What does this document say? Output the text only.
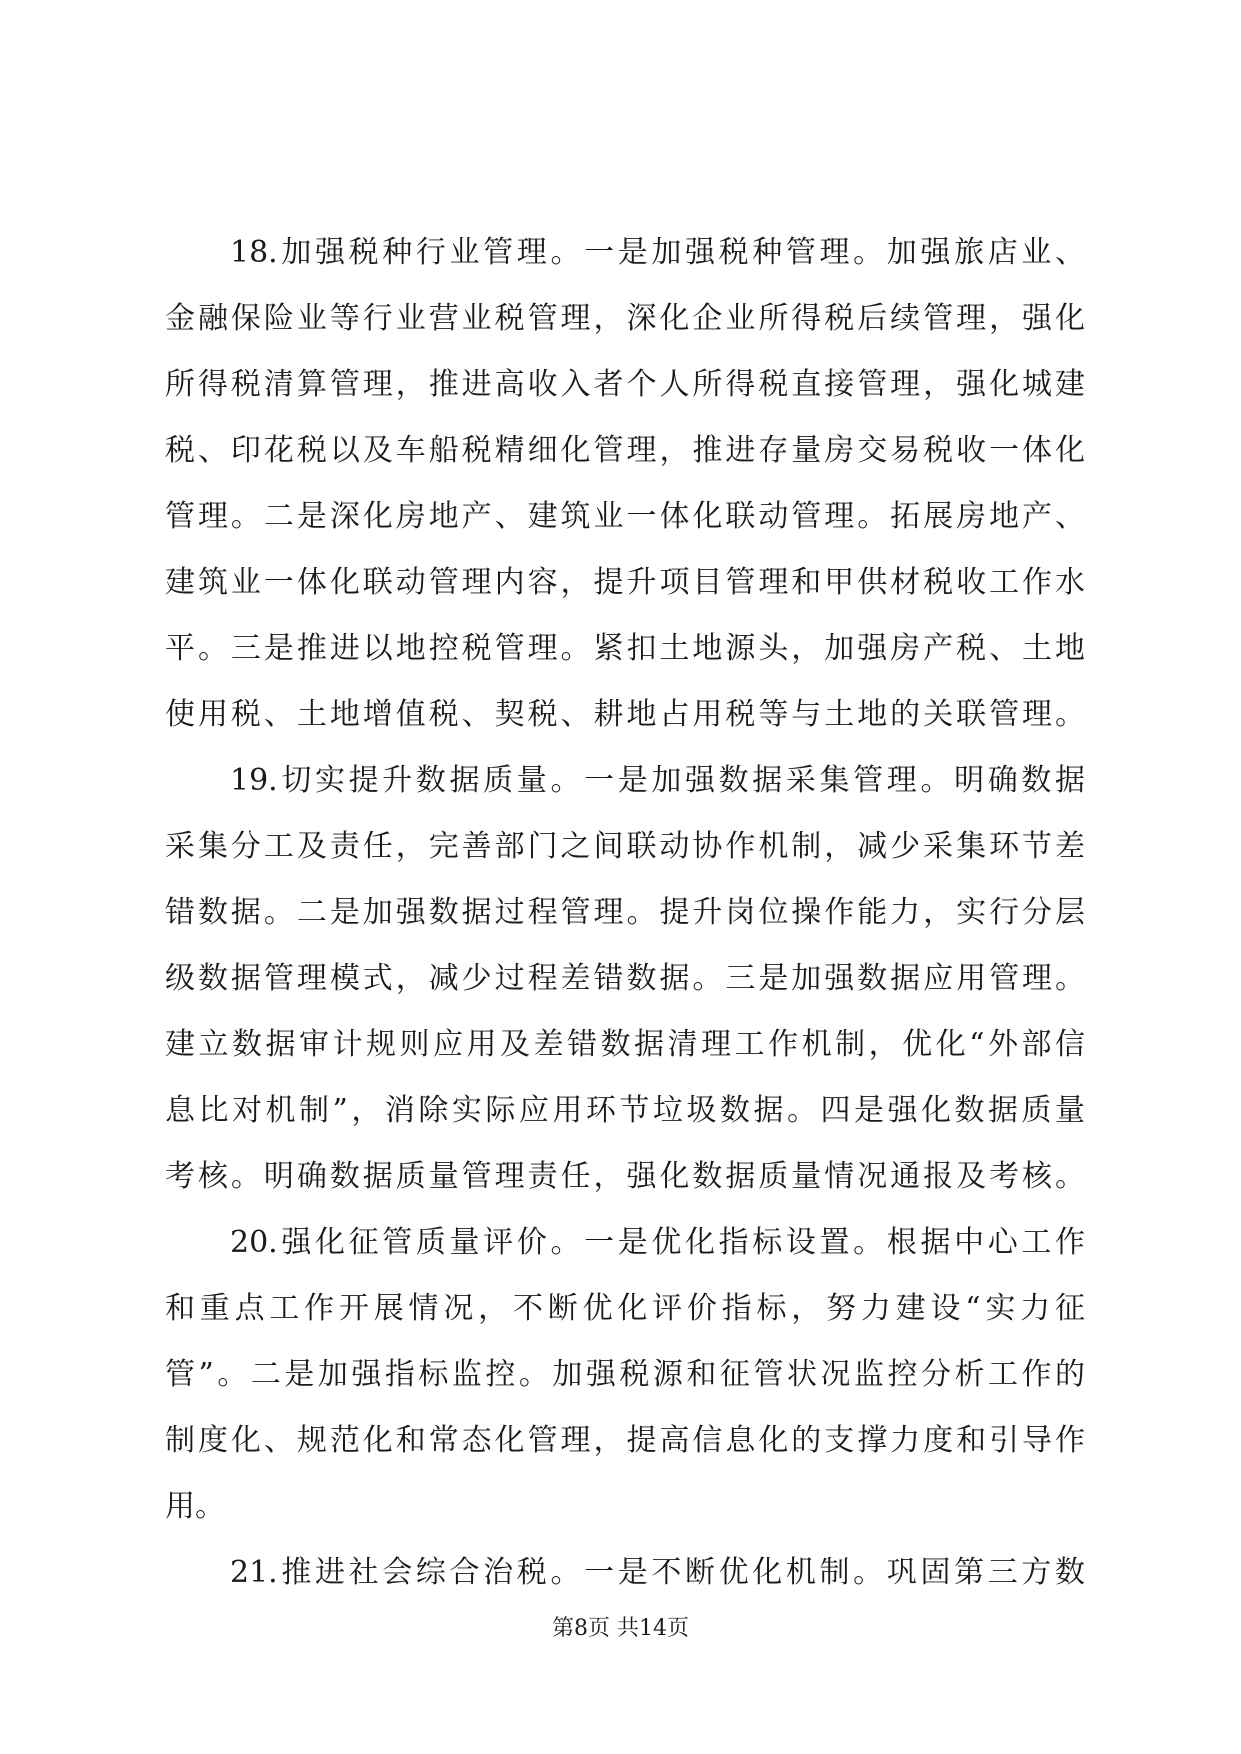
18.加强税种行业管理。一是加强税种管理。加强旅店业、
金融保险业等行业营业税管理，深化企业所得税后续管理，强化
所得税清算管理，推进高收入者个人所得税直接管理，强化城建
税、印花税以及车船税精细化管理，推进存量房交易税收一体化
管理。二是深化房地产、建筑业一体化联动管理。拓展房地产、
建筑业一体化联动管理内容，提升项目管理和甲供材税收工作水
平。三是推进以地控税管理。紧扣土地源头，加强房产税、土地
使用税、土地增值税、契税、耕地占用税等与土地的关联管理。
19.切实提升数据质量。一是加强数据采集管理。明确数据
采集分工及责任，完善部门之间联动协作机制，减少采集环节差
错数据。二是加强数据过程管理。提升岗位操作能力，实行分层
级数据管理模式，减少过程差错数据。三是加强数据应用管理。
建立数据审计规则应用及差错数据清理工作机制，优化“外部信
息比对机制”，消除实际应用环节垃圾数据。四是强化数据质量
考核。明确数据质量管理责任，强化数据质量情况通报及考核。
20.强化征管质量评价。一是优化指标设置。根据中心工作
和重点工作开展情况，不断优化评价指标，努力建设“实力征
管”。二是加强指标监控。加强税源和征管状况监控分析工作的
制度化、规范化和常态化管理，提高信息化的支撑力度和引导作
用。
21.推进社会综合治税。一是不断优化机制。巩固第三方数
第8页 共14页
